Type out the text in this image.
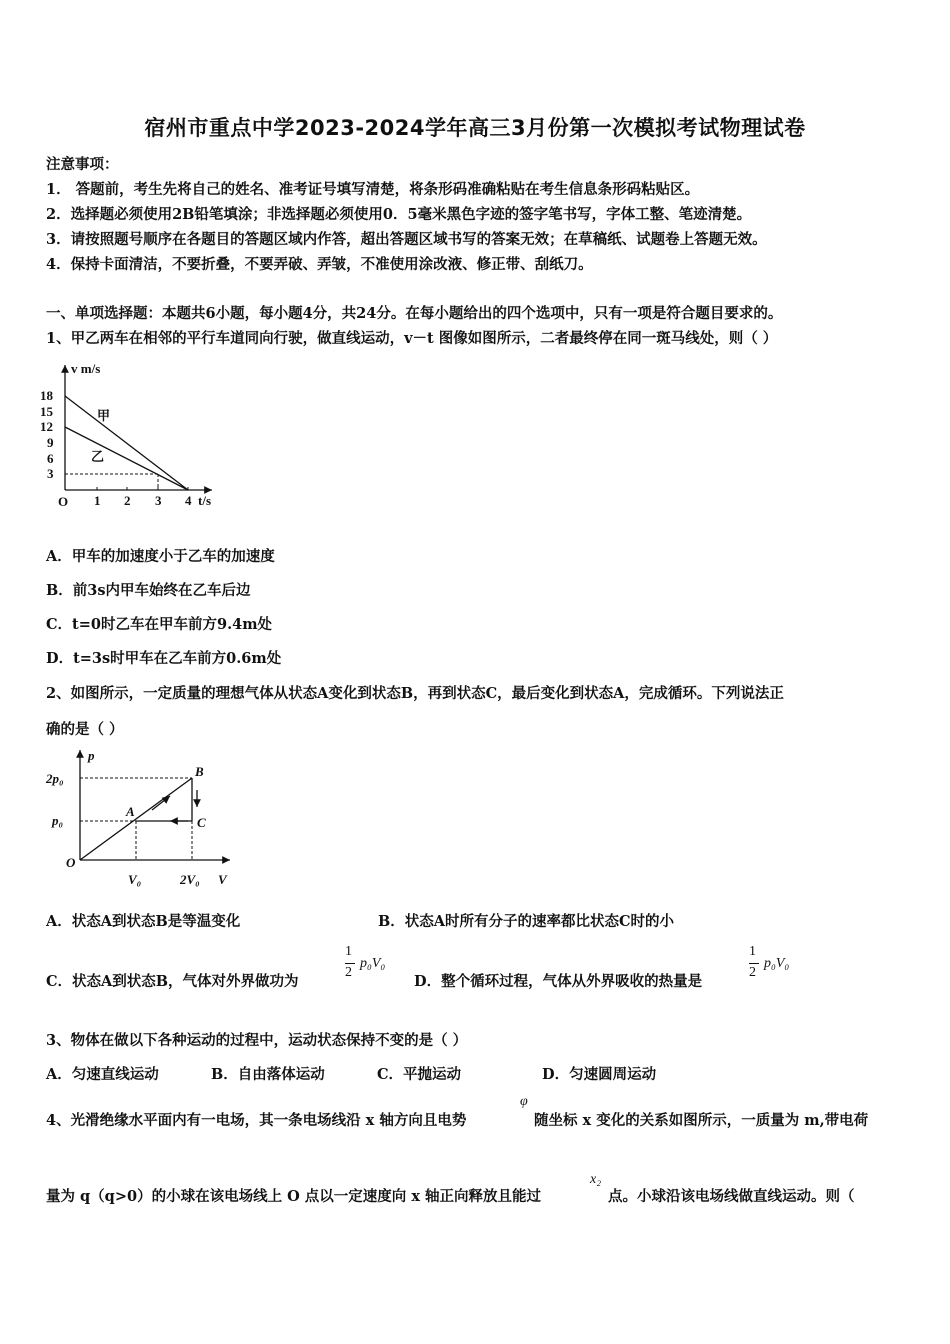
宿州市重点中学2023-2024学年高三3月份第一次模拟考试物理试卷
注意事项：
1． 答题前，考生先将自己的姓名、准考证号填写清楚，将条形码准确粘贴在考生信息条形码粘贴区。
2．选择题必须使用2B铅笔填涂；非选择题必须使用0．5毫米黑色字迹的签字笔书写，字体工整、笔迹清楚。
3．请按照题号顺序在各题目的答题区域内作答，超出答题区域书写的答案无效；在草稿纸、试题卷上答题无效。
4．保持卡面清洁，不要折叠，不要弄破、弄皱，不准使用涂改液、修正带、刮纸刀。
一、单项选择题：本题共6小题，每小题4分，共24分。在每小题给出的四个选项中，只有一项是符合题目要求的。
1、甲乙两车在相邻的平行车道同向行驶，做直线运动，v－t 图像如图所示，二者最终停在同一斑马线处，则（ ）
v m/s
18
15
12
9
6
3
O 1 2 3 4 t/s
甲
乙
A．甲车的加速度小于乙车的加速度
B．前3s内甲车始终在乙车后边
C．t=0时乙车在甲车前方9.4m处
D．t=3s时甲车在乙车前方0.6m处
2、如图所示，一定质量的理想气体从状态A变化到状态B，再到状态C，最后变化到状态A，完成循环。下列说法正
确的是（ ）
p
2p₀
p₀
O
V₀	2V₀ V
A
B
C
A．状态A到状态B是等温变化	B．状态A时所有分子的速率都比状态C时的小
C．状态A到状态B，气体对外界做功为
1
2
p₀V₀
D．整个循环过程，气体从外界吸收的热量是
1
2
p₀V₀
3、物体在做以下各种运动的过程中，运动状态保持不变的是（ ）
A．匀速直线运动	B．自由落体运动	C．平抛运动	D．匀速圆周运动
4、光滑绝缘水平面内有一电场，其一条电场线沿 x 轴方向且电势
φ
随坐标 x 变化的关系如图所示，一质量为 m,带电荷
量为 q（q>0）的小球在该电场线上 O 点以一定速度向 x 轴正向释放且能过
x₂
点。小球沿该电场线做直线运动。则（
